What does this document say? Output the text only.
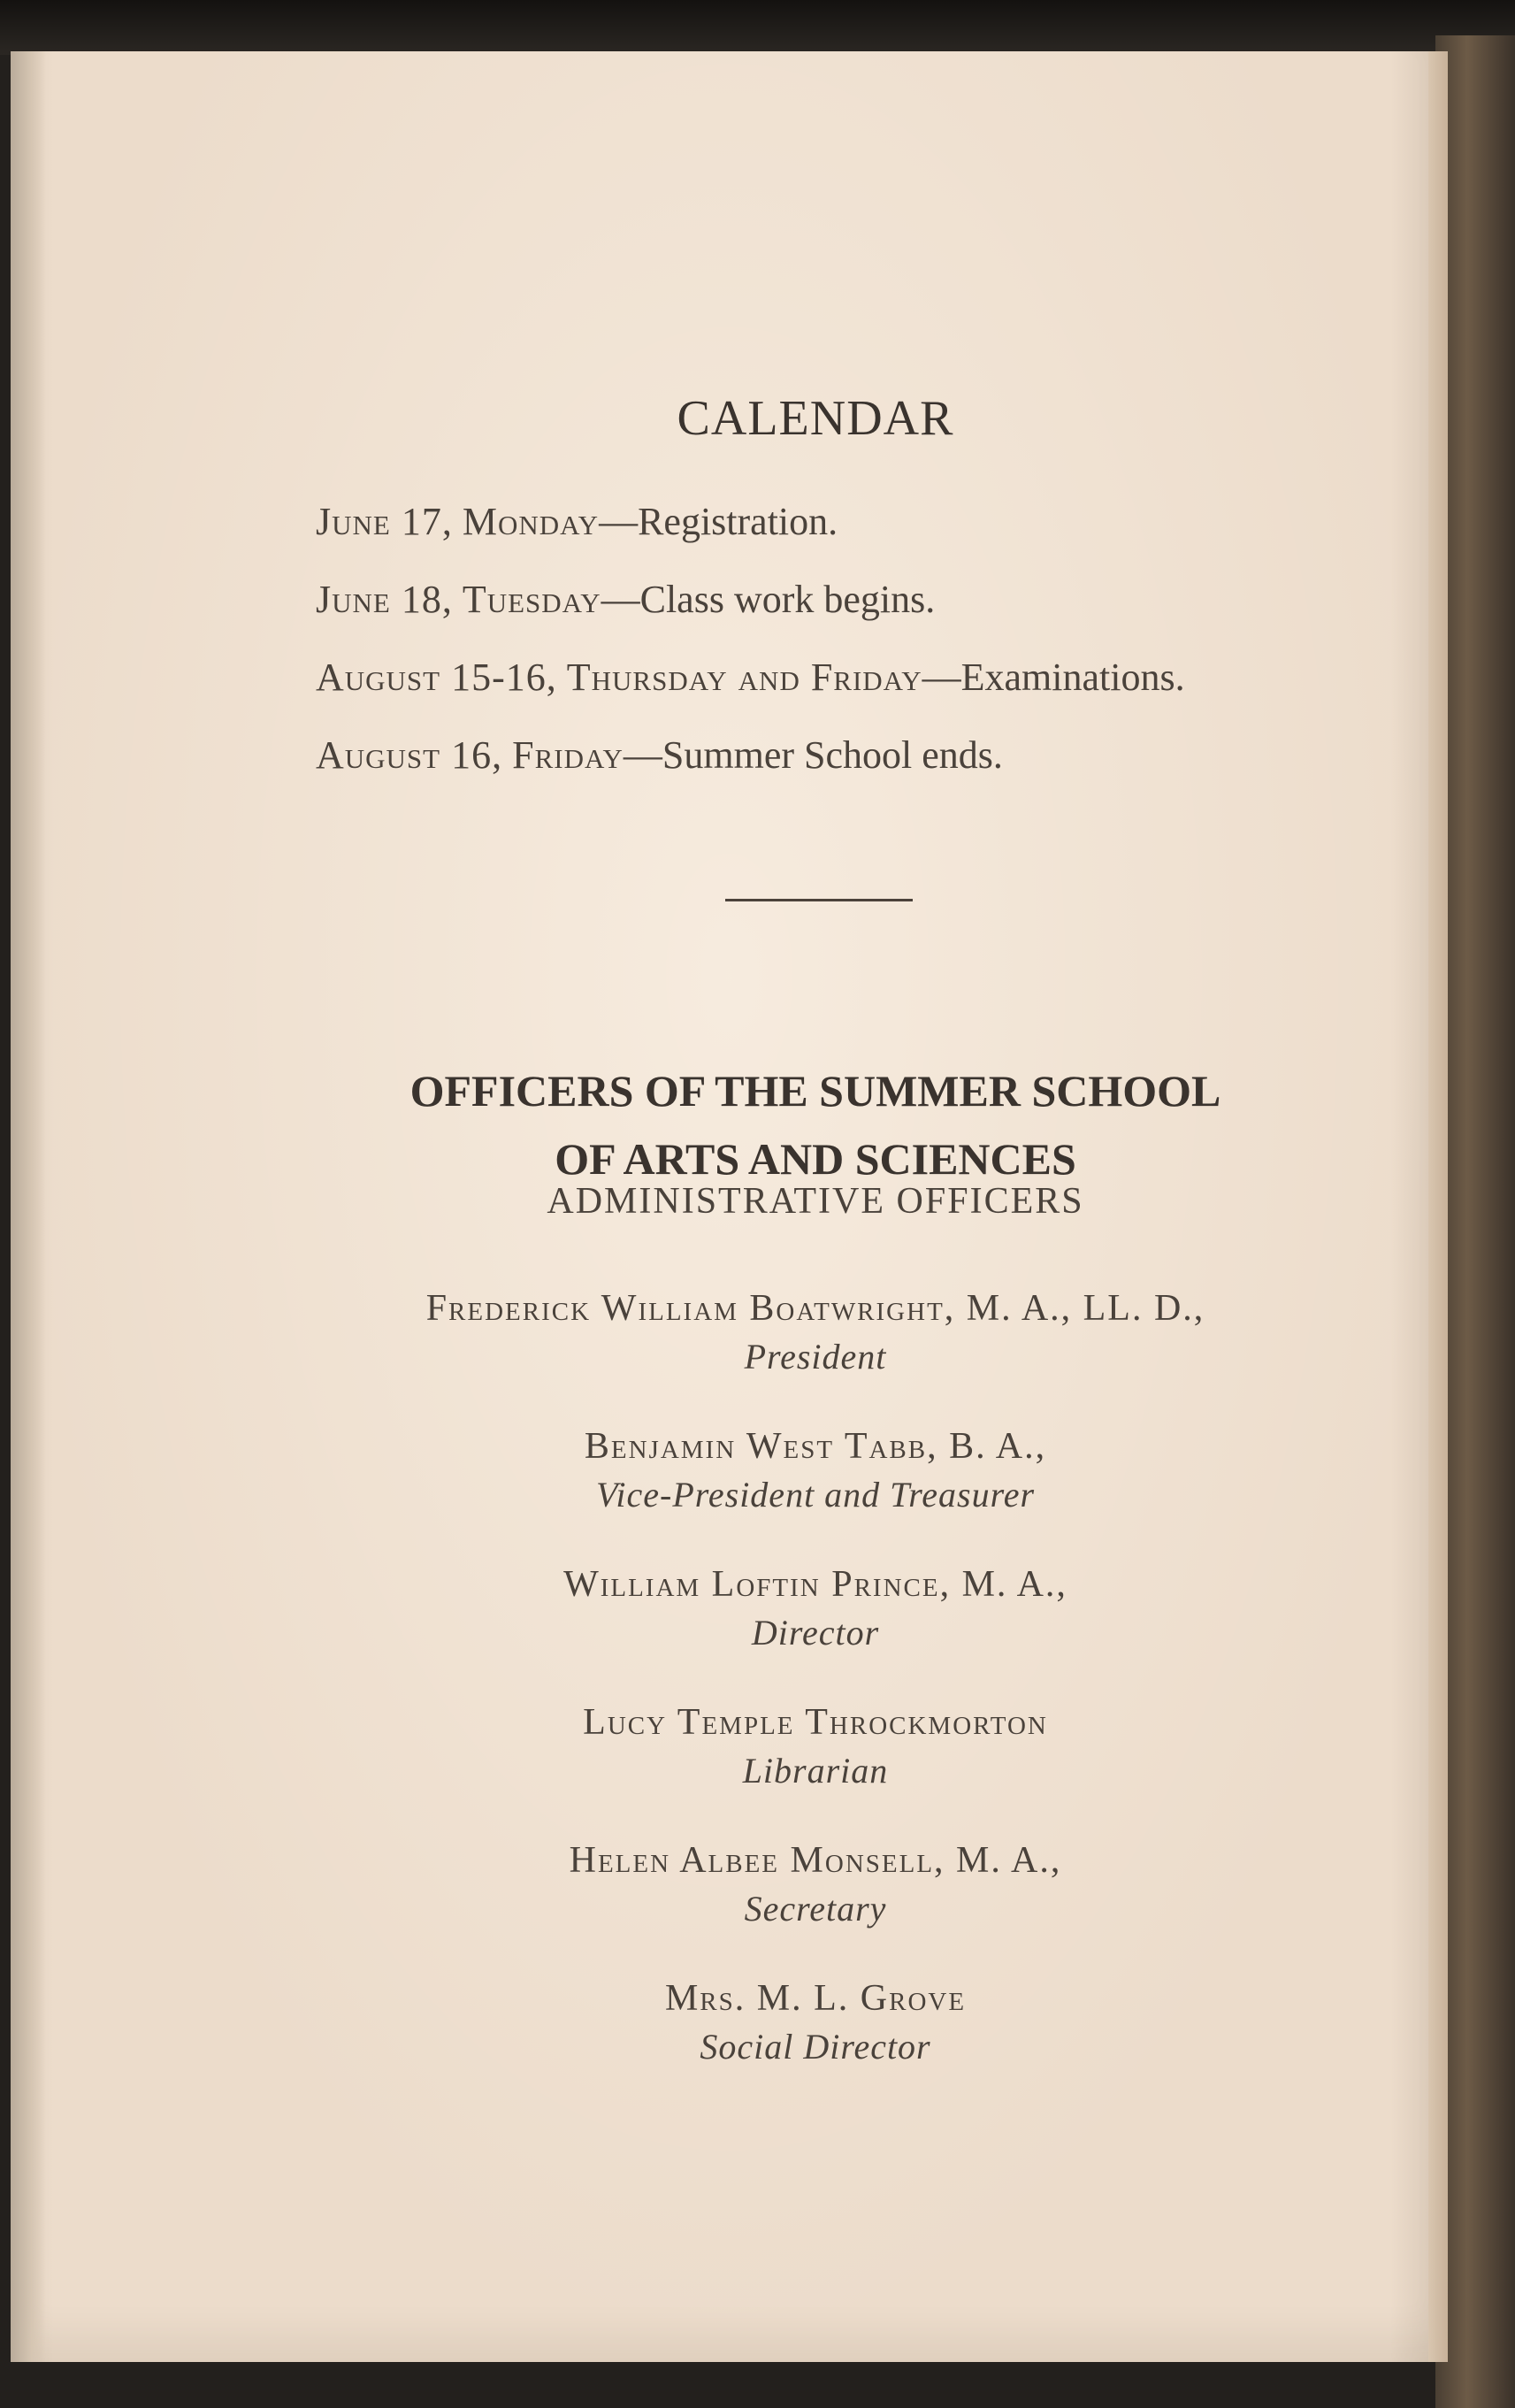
CALENDAR
June 17, Monday—Registration.
June 18, Tuesday—Class work begins.
August 15-16, Thursday and Friday—Examinations.
August 16, Friday—Summer School ends.
OFFICERS OF THE SUMMER SCHOOL
OF ARTS AND SCIENCES
ADMINISTRATIVE OFFICERS
Frederick William Boatwright, M. A., LL. D.,
President
Benjamin West Tabb, B. A.,
Vice-President and Treasurer
William Loftin Prince, M. A.,
Director
Lucy Temple Throckmorton
Librarian
Helen Albee Monsell, M. A.,
Secretary
Mrs. M. L. Grove
Social Director
